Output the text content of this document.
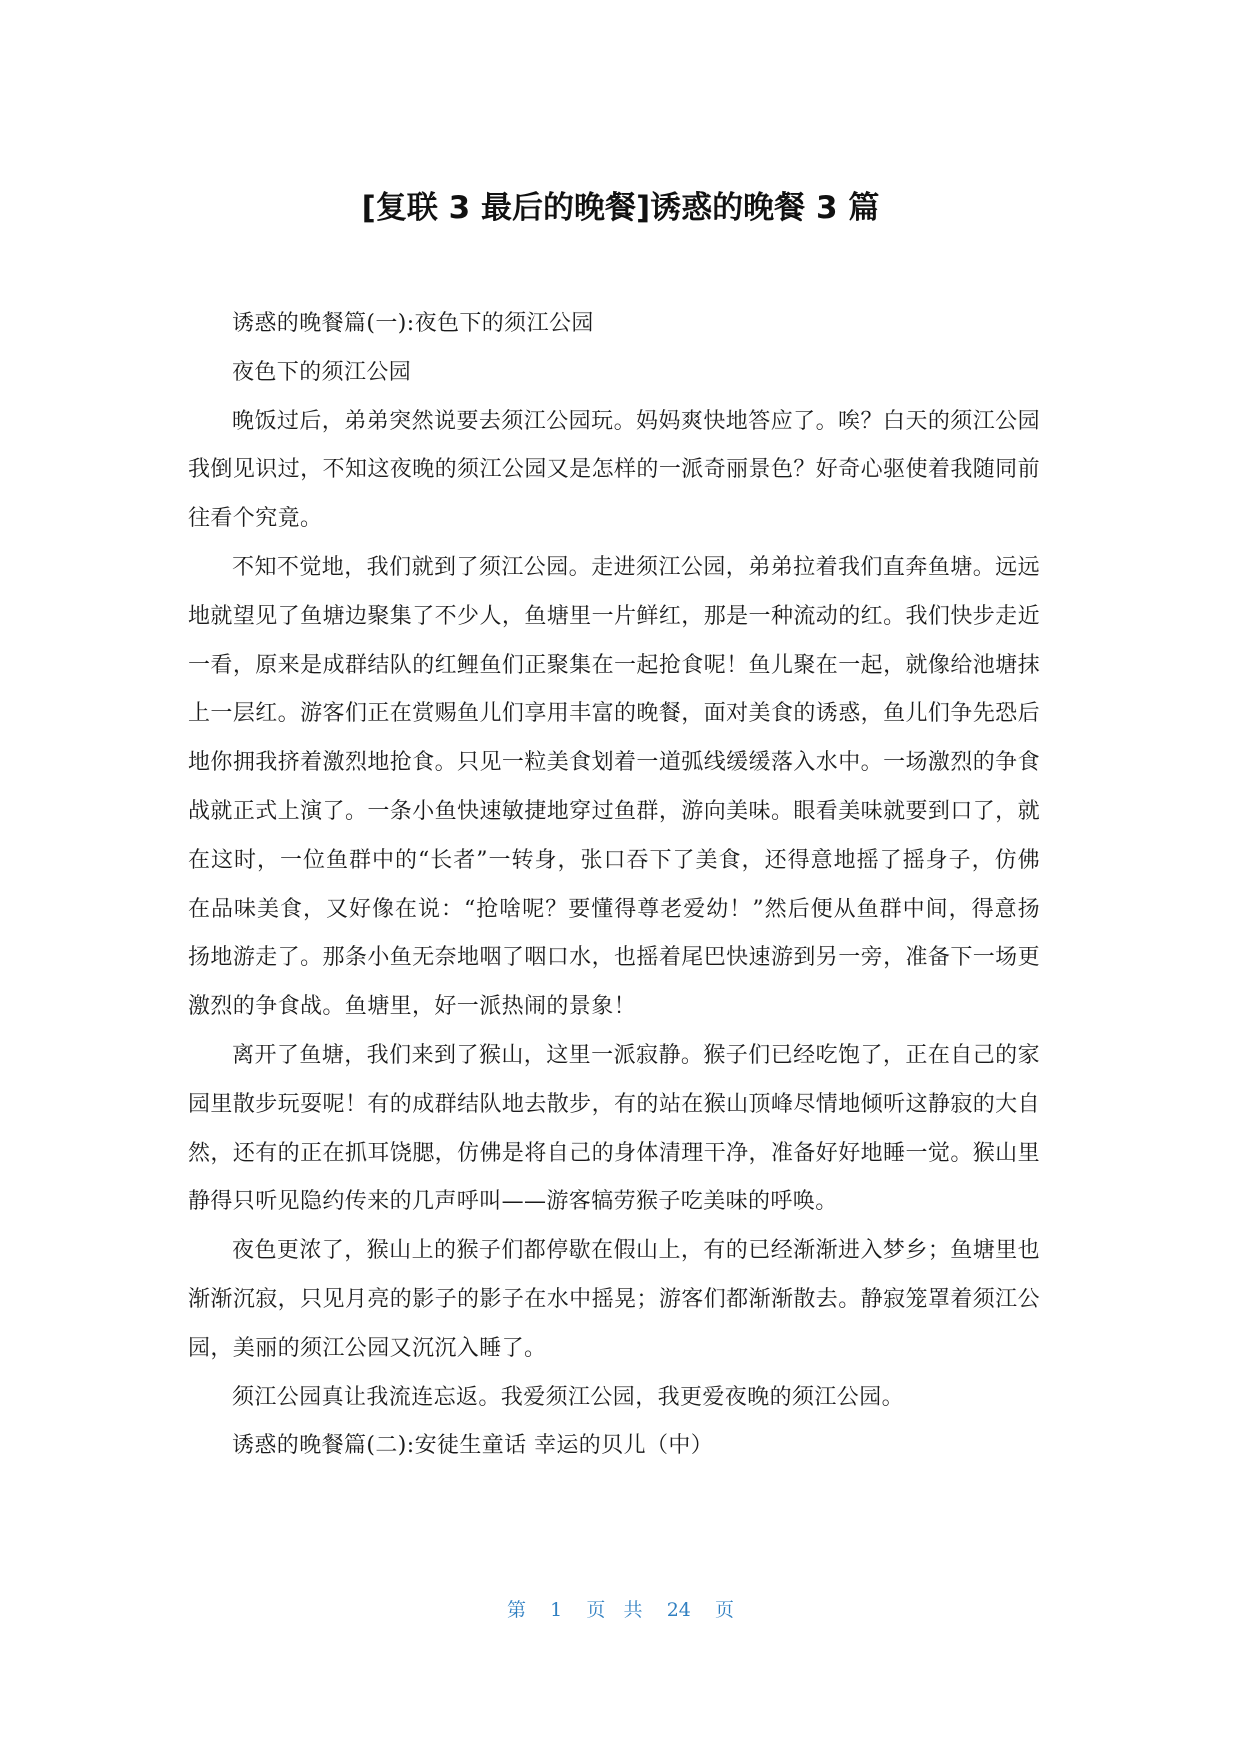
[复联 3 最后的晚餐]诱惑的晚餐 3 篇

诱惑的晚餐篇(一):夜色下的须江公园

夜色下的须江公园

晚饭过后，弟弟突然说要去须江公园玩。妈妈爽快地答应了。唉？白天的须江公园我倒见识过，不知这夜晚的须江公园又是怎样的一派奇丽景色？好奇心驱使着我随同前往看个究竟。

不知不觉地，我们就到了须江公园。走进须江公园，弟弟拉着我们直奔鱼塘。远远地就望见了鱼塘边聚集了不少人，鱼塘里一片鲜红，那是一种流动的红。我们快步走近一看，原来是成群结队的红鲤鱼们正聚集在一起抢食呢！鱼儿聚在一起，就像给池塘抹上一层红。游客们正在赏赐鱼儿们享用丰富的晚餐，面对美食的诱惑，鱼儿们争先恐后地你拥我挤着激烈地抢食。只见一粒美食划着一道弧线缓缓落入水中。一场激烈的争食战就正式上演了。一条小鱼快速敏捷地穿过鱼群，游向美味。眼看美味就要到口了，就在这时，一位鱼群中的“长者”一转身，张口吞下了美食，还得意地摇了摇身子，仿佛在品味美食，又好像在说：“抢啥呢？要懂得尊老爱幼！”然后便从鱼群中间，得意扬扬地游走了。那条小鱼无奈地咽了咽口水，也摇着尾巴快速游到另一旁，准备下一场更激烈的争食战。鱼塘里，好一派热闹的景象！

离开了鱼塘，我们来到了猴山，这里一派寂静。猴子们已经吃饱了，正在自己的家园里散步玩耍呢！有的成群结队地去散步，有的站在猴山顶峰尽情地倾听这静寂的大自然，还有的正在抓耳饶腮，仿佛是将自己的身体清理干净，准备好好地睡一觉。猴山里静得只听见隐约传来的几声呼叫——游客犒劳猴子吃美味的呼唤。

夜色更浓了，猴山上的猴子们都停歇在假山上，有的已经渐渐进入梦乡；鱼塘里也渐渐沉寂，只见月亮的影子的影子在水中摇晃；游客们都渐渐散去。静寂笼罩着须江公园，美丽的须江公园又沉沉入睡了。

须江公园真让我流连忘返。我爱须江公园，我更爱夜晚的须江公园。

诱惑的晚餐篇(二):安徒生童话 幸运的贝儿（中）

第 1 页   共 24 页
